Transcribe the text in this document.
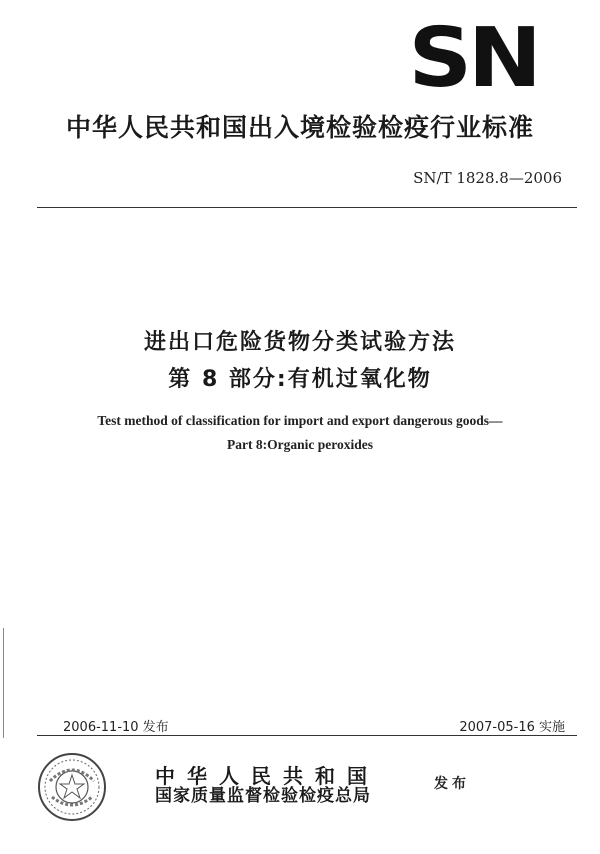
SN
中华人民共和国出入境检验检疫行业标准
SN/T 1828.8—2006
进出口危险货物分类试验方法
第 8 部分:有机过氧化物
Test method of classification for import and export dangerous goods—
Part 8:Organic peroxides
2006-11-10 发布	2007-05-16 实施
中华人民共和国
国家质量监督检验检疫总局
发布
